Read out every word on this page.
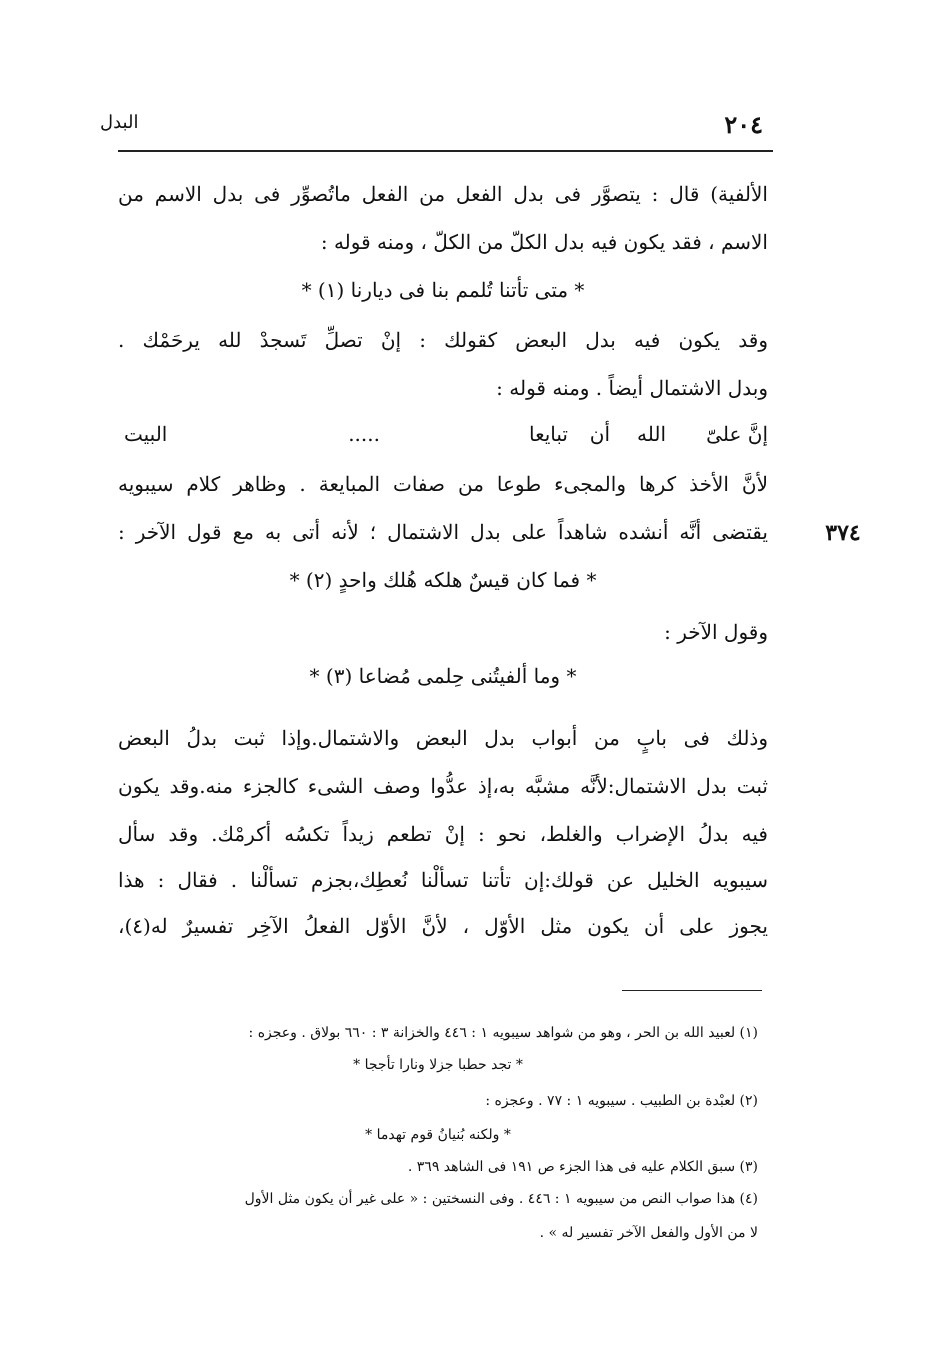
٢٠٤
البدل
الألفية) قال : يتصوَّر فى بدل الفعل من الفعل ماتُصوِّر فى بدل الاسم من
الاسم ، فقد يكون فيه بدل الكلّ من الكلّ ، ومنه قوله :
* متى تأتنا تُلمم بنا فى ديارنا (١) *
وقد يكون فيه بدل البعض كقولك : إنْ تصلِّ تَسجدْ لله يرحَمْك .
وبدل الاشتمال أيضاً . ومنه قوله :
إنَّ علىّ
الله
أن
تبايعا
.....
البيت
لأنَّ الأخذ كرها والمجىء طوعا من صفات المبايعة . وظاهر كلام سيبويه
٣٧٤
يقتضى أنَّه أنشده شاهداً على بدل الاشتمال ؛ لأنه أتى به مع قول الآخر :
* فما كان قيسٌ هلكه هُلك واحدٍ (٢) *
وقول الآخر :
* وما ألفيتُنى حِلمى مُضاعا (٣) *
وذلك فى بابٍ من أبواب بدل البعض والاشتمال.وإذا ثبت بدلُ البعض
ثبت بدل الاشتمال:لأنَّه مشبَّه به،إذ عدُّوا وصف الشىء كالجزء منه.وقد يكون
فيه بدلُ الإضراب والغلط، نحو : إنْ تطعم زيداً تكسُه أكرمْك. وقد سأل
سيبويه الخليل عن قولك:إن تأتنا تسألْنا نُعطِك،بجزم تسألْنا . فقال : هذا
يجوز على أن يكون مثل الأوّل ، لأنَّ الأوّل الفعلُ الآخِر تفسيرٌ له(٤)،
(١) لعبيد الله بن الحر ، وهو من شواهد سيبويه ١ : ٤٤٦ والخزانة ٣ : ٦٦٠ بولاق . وعجزه :
* تجد حطبا جزلا ونارا تأججا *
(٢) لعبْدة بن الطبيب . سيبويه ١ : ٧٧ . وعجزه :
* ولكنه بُنيانُ قوم تهدما *
(٣) سبق الكلام عليه فى هذا الجزء ص ١٩١ فى الشاهد ٣٦٩ .
(٤) هذا صواب النص من سيبويه ١ : ٤٤٦ . وفى النسختين : « على غير أن يكون مثل الأول
لا من الأول والفعل الآخر تفسير له » .
